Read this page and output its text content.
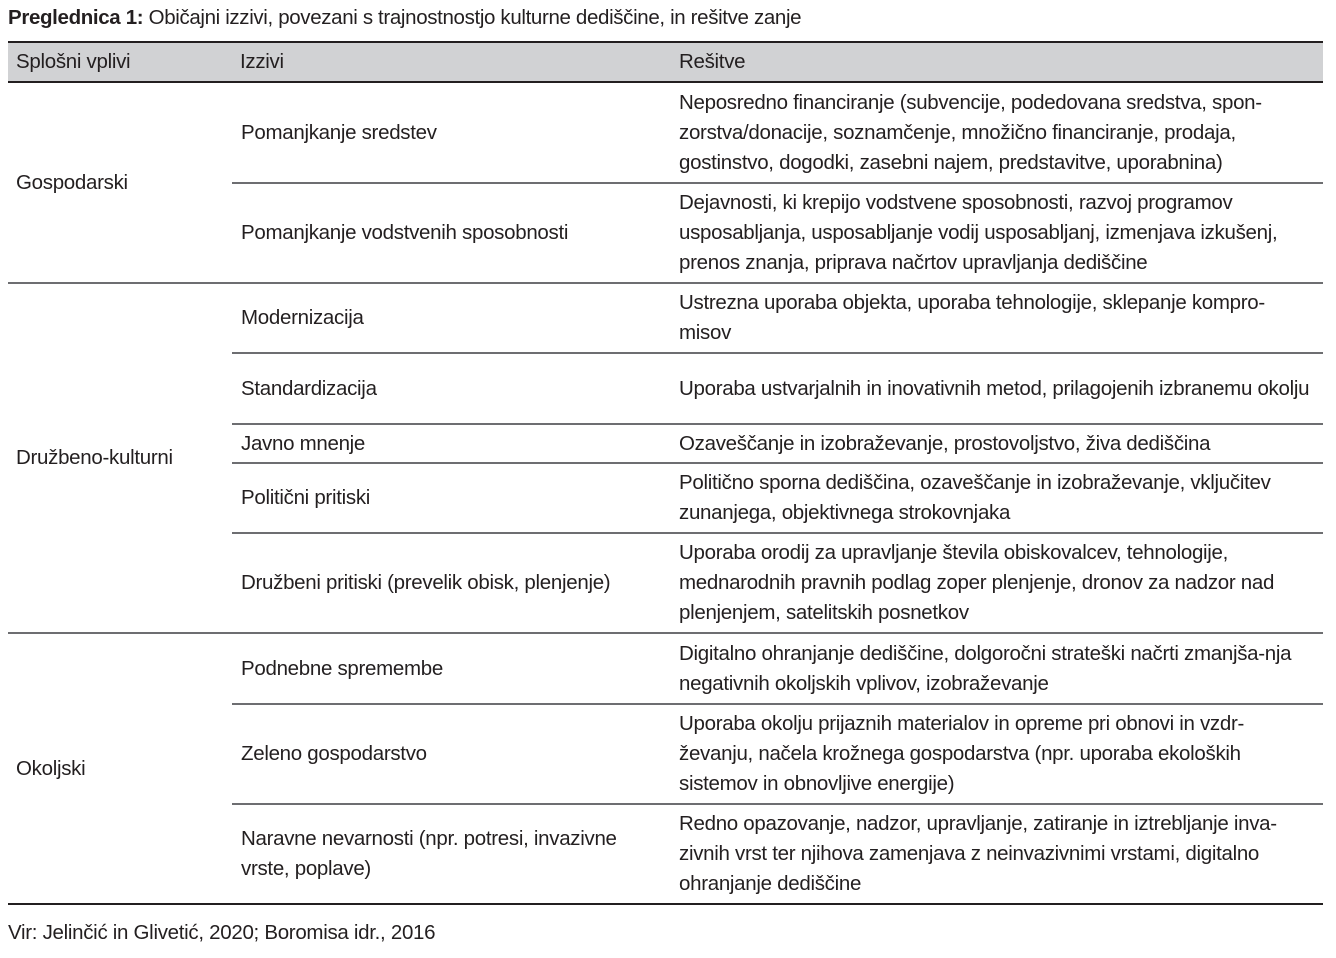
Preglednica 1: Običajni izzivi, povezani s trajnostnostjo kulturne dediščine, in rešitve zanje
Splošni vplivi	Izzivi	Rešitve
Gospodarski	Pomanjkanje sredstev	Neposredno financiranje (subvencije, podedovana sredstva, spon-zorstva/donacije, soznamčenje, množično financiranje, prodaja, gostinstvo, dogodki, zasebni najem, predstavitve, uporabnina)
	Pomanjkanje vodstvenih sposobnosti	Dejavnosti, ki krepijo vodstvene sposobnosti, razvoj programov usposabljanja, usposabljanje vodij usposabljanj, izmenjava izkušenj, prenos znanja, priprava načrtov upravljanja dediščine
Družbeno-kulturni	Modernizacija	Ustrezna uporaba objekta, uporaba tehnologije, sklepanje kompro-misov
	Standardizacija	Uporaba ustvarjalnih in inovativnih metod, prilagojenih izbranemu okolju
	Javno mnenje	Ozaveščanje in izobraževanje, prostovoljstvo, živa dediščina
	Politični pritiski	Politično sporna dediščina, ozaveščanje in izobraževanje, vključitev zunanjega, objektivnega strokovnjaka
	Družbeni pritiski (prevelik obisk, plenjenje)	Uporaba orodij za upravljanje števila obiskovalcev, tehnologije, mednarodnih pravnih podlag zoper plenjenje, dronov za nadzor nad plenjenjem, satelitskih posnetkov
Okoljski	Podnebne spremembe	Digitalno ohranjanje dediščine, dolgoročni strateški načrti zmanjša-nja negativnih okoljskih vplivov, izobraževanje
	Zeleno gospodarstvo	Uporaba okolju prijaznih materialov in opreme pri obnovi in vzdr-ževanju, načela krožnega gospodarstva (npr. uporaba ekoloških sistemov in obnovljive energije)
	Naravne nevarnosti (npr. potresi, invazivne vrste, poplave)	Redno opazovanje, nadzor, upravljanje, zatiranje in iztrebljanje inva-zivnih vrst ter njihova zamenjava z neinvazivnimi vrstami, digitalno ohranjanje dediščine
Vir: Jelinčić in Glivetić, 2020; Boromisa idr., 2016
